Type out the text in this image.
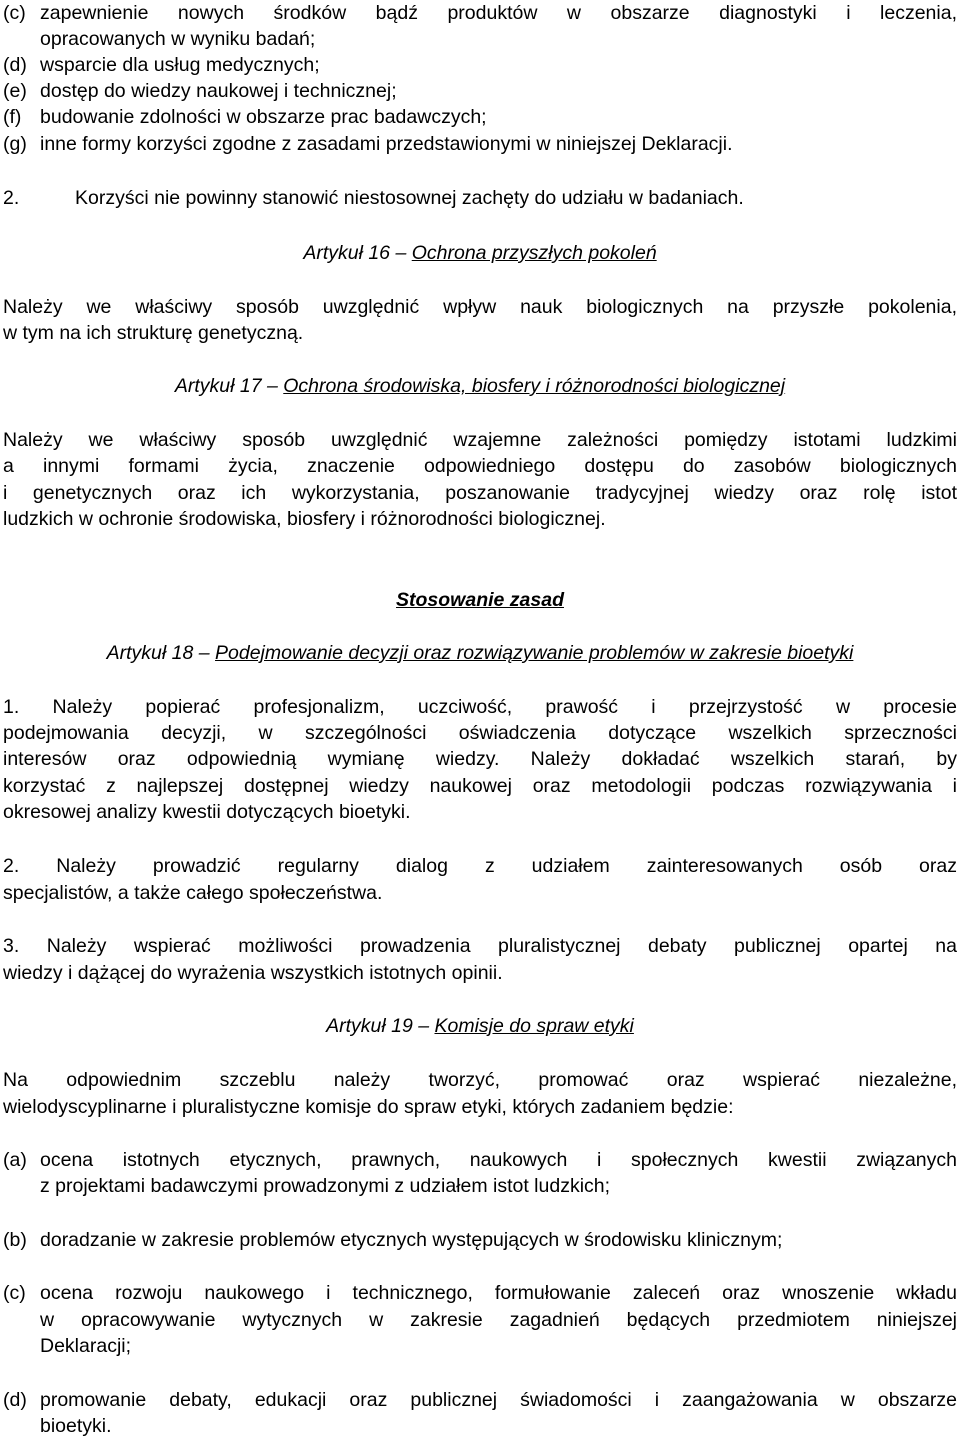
(c) zapewnienie nowych środków bądź produktów w obszarze diagnostyki i leczenia,
opracowanych w wyniku badań;
(d) wsparcie dla usług medycznych;
(e) dostęp do wiedzy naukowej i technicznej;
(f) budowanie zdolności w obszarze prac badawczych;
(g) inne formy korzyści zgodne z zasadami przedstawionymi w niniejszej Deklaracji.
2.	Korzyści nie powinny stanowić niestosownej zachęty do udziału w badaniach.
Artykuł 16 – Ochrona przyszłych pokoleń
Należy we właściwy sposób uwzględnić wpływ nauk biologicznych na przyszłe pokolenia,
w tym na ich strukturę genetyczną.
Artykuł 17 – Ochrona środowiska, biosfery i różnorodności biologicznej
Należy we właściwy sposób uwzględnić wzajemne zależności pomiędzy istotami ludzkimi
a innymi formami życia, znaczenie odpowiedniego dostępu do zasobów biologicznych
i genetycznych oraz ich wykorzystania, poszanowanie tradycyjnej wiedzy oraz rolę istot
ludzkich w ochronie środowiska, biosfery i różnorodności biologicznej.
Stosowanie zasad
Artykuł 18 – Podejmowanie decyzji oraz rozwiązywanie problemów w zakresie bioetyki
1. Należy popierać profesjonalizm, uczciwość, prawość i przejrzystość w procesie
podejmowania decyzji, w szczególności oświadczenia dotyczące wszelkich sprzeczności
interesów oraz odpowiednią wymianę wiedzy. Należy dokładać wszelkich starań, by
korzystać z najlepszej dostępnej wiedzy naukowej oraz metodologii podczas rozwiązywania i
okresowej analizy kwestii dotyczących bioetyki.
2. Należy prowadzić regularny dialog z udziałem zainteresowanych osób oraz
specjalistów, a także całego społeczeństwa.
3. Należy wspierać możliwości prowadzenia pluralistycznej debaty publicznej opartej na
wiedzy i dążącej do wyrażenia wszystkich istotnych opinii.
Artykuł 19 – Komisje do spraw etyki
Na odpowiednim szczeblu należy tworzyć, promować oraz wspierać niezależne,
wielodyscyplinarne i pluralistyczne komisje do spraw etyki, których zadaniem będzie:
(a) ocena istotnych etycznych, prawnych, naukowych i społecznych kwestii związanych
z projektami badawczymi prowadzonymi z udziałem istot ludzkich;
(b) doradzanie w zakresie problemów etycznych występujących w środowisku klinicznym;
(c) ocena rozwoju naukowego i technicznego, formułowanie zaleceń oraz wnoszenie wkładu
w opracowywanie wytycznych w zakresie zagadnień będących przedmiotem niniejszej
Deklaracji;
(d) promowanie debaty, edukacji oraz publicznej świadomości i zaangażowania w obszarze
bioetyki.
